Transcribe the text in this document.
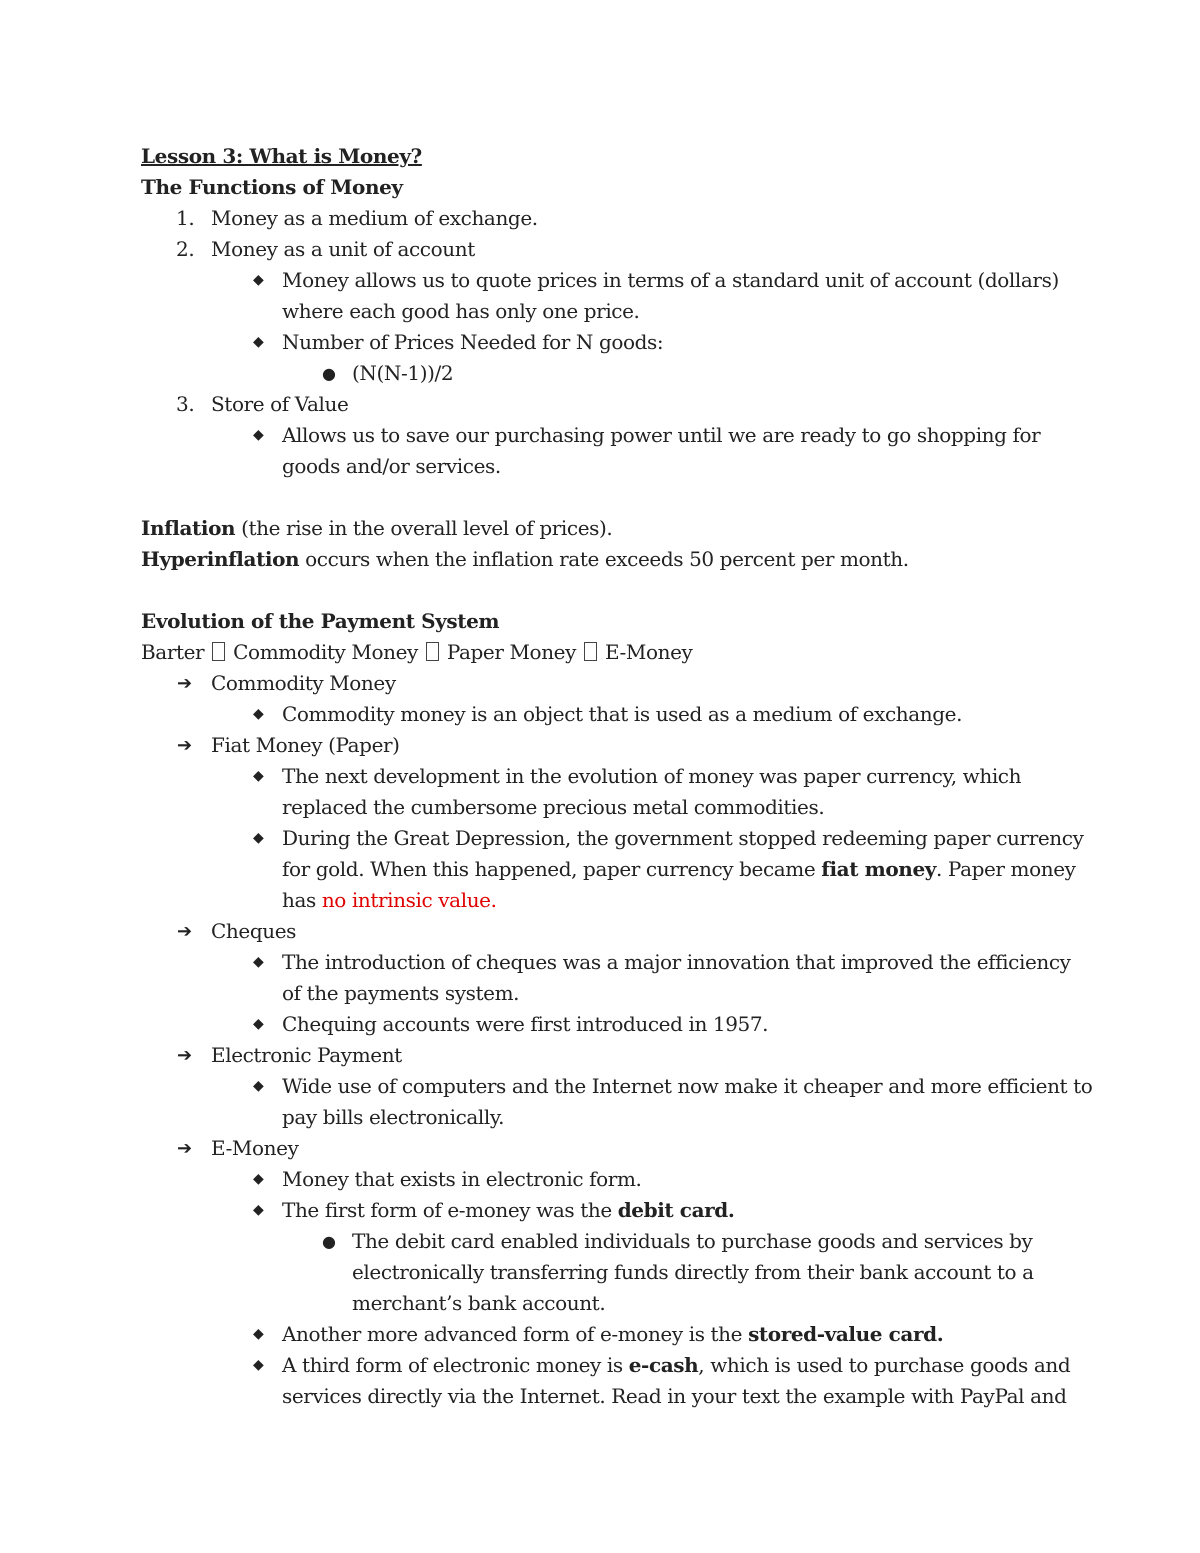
Lesson 3: What is Money?
The Functions of Money
1. Money as a medium of exchange.
2. Money as a unit of account
◆ Money allows us to quote prices in terms of a standard unit of account (dollars)
where each good has only one price.
◆ Number of Prices Needed for N goods:
● (N(N-1))/2
3. Store of Value
◆ Allows us to save our purchasing power until we are ready to go shopping for
goods and/or services.
Inflation (the rise in the overall level of prices).
Hyperinflation occurs when the inflation rate exceeds 50 percent per month.
Evolution of the Payment System
Barter Commodity Money Paper Money E-Money
➔ Commodity Money
◆ Commodity money is an object that is used as a medium of exchange.
➔ Fiat Money (Paper)
◆ The next development in the evolution of money was paper currency, which
replaced the cumbersome precious metal commodities.
◆ During the Great Depression, the government stopped redeeming paper currency
for gold. When this happened, paper currency became fiat money. Paper money
has no intrinsic value.
➔ Cheques
◆ The introduction of cheques was a major innovation that improved the efficiency
of the payments system.
◆ Chequing accounts were first introduced in 1957.
➔ Electronic Payment
◆ Wide use of computers and the Internet now make it cheaper and more efficient to
pay bills electronically.
➔ E-Money
◆ Money that exists in electronic form.
◆ The first form of e-money was the debit card.
● The debit card enabled individuals to purchase goods and services by
electronically transferring funds directly from their bank account to a
merchant’s bank account.
◆ Another more advanced form of e-money is the stored-value card.
◆ A third form of electronic money is e-cash, which is used to purchase goods and
services directly via the Internet. Read in your text the example with PayPal and
